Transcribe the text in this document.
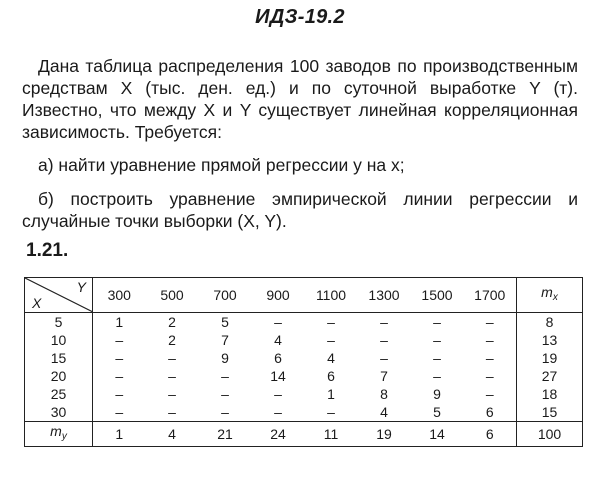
ИДЗ-19.2
Дана таблица распределения 100 заводов по производственным средствам X (тыс. ден. ед.) и по суточной выработке Y (т). Известно, что между X и Y существует линейная корреляционная зависимость. Требуется:
а) найти уравнение прямой регрессии y на x;
б) построить уравнение эмпирической линии регрессии и случайные точки выборки (X, Y).
1.21.
Y
X	300	500	700	900	1100	1300	1500	1700	$m_x$
5	1	2	5	–	–	–	–	–	8
10	–	2	7	4	–	–	–	–	13
15	–	–	9	6	4	–	–	–	19
20	–	–	–	14	6	7	–	–	27
25	–	–	–	–	1	8	9	–	18
30	–	–	–	–	–	4	5	6	15
$m_y$	1	4	21	24	11	19	14	6	100
